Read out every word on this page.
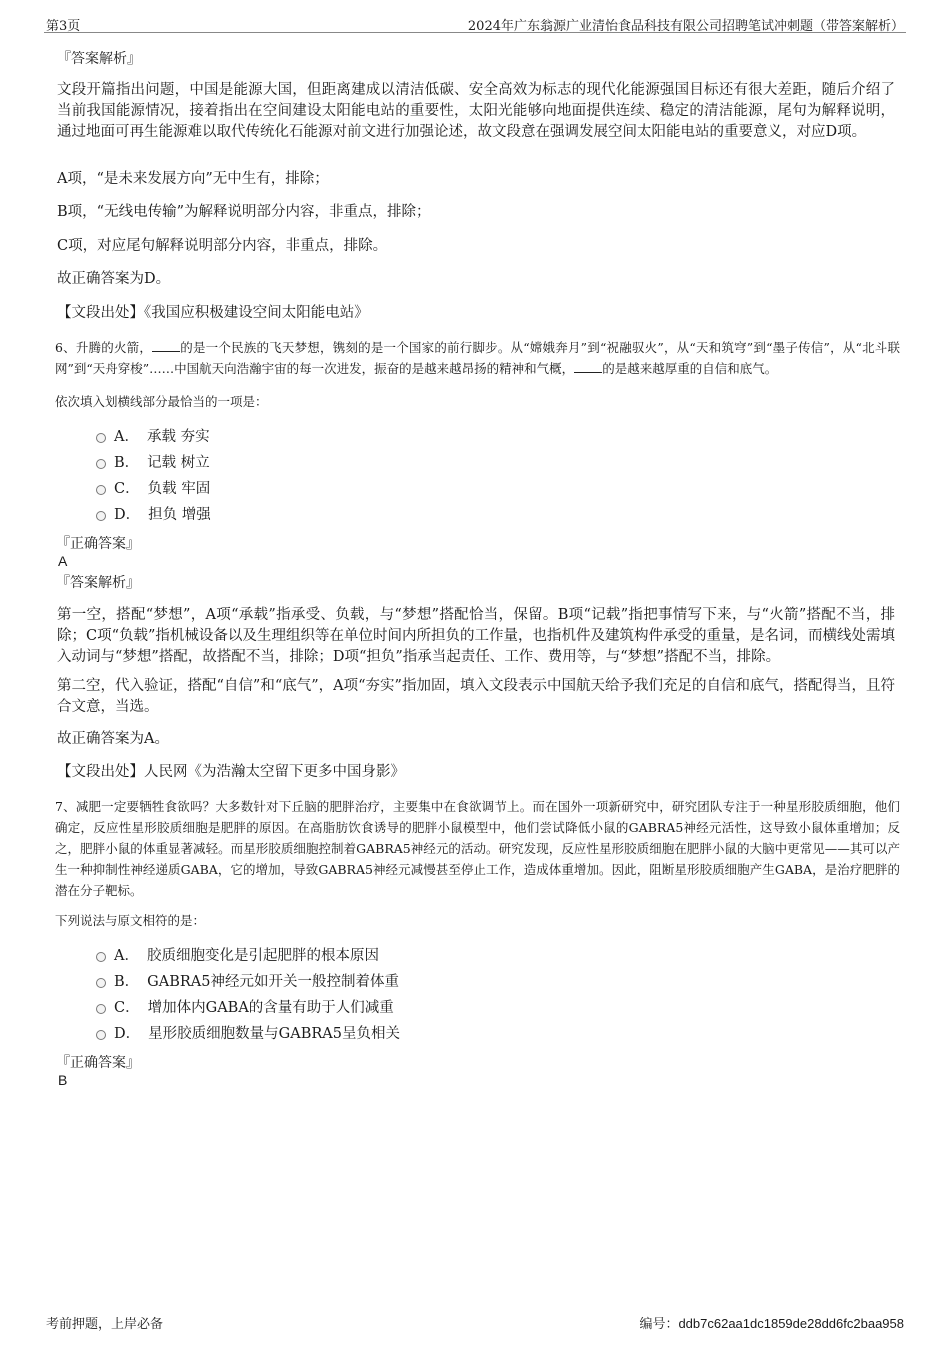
第3页	2024年广东翁源广业清怡食品科技有限公司招聘笔试冲刺题（带答案解析）
『答案解析』
文段开篇指出问题，中国是能源大国，但距离建成以清洁低碳、安全高效为标志的现代化能源强国目标还有很大差距，随后介绍了当前我国能源情况，接着指出在空间建设太阳能电站的重要性，太阳光能够向地面提供连续、稳定的清洁能源，尾句为解释说明，通过地面可再生能源难以取代传统化石能源对前文进行加强论述，故文段意在强调发展空间太阳能电站的重要意义，对应D项。
A项，“是未来发展方向”无中生有，排除；
B项，“无线电传输”为解释说明部分内容，非重点，排除；
C项，对应尾句解释说明部分内容，非重点，排除。
故正确答案为D。
【文段出处】《我国应积极建设空间太阳能电站》
6、升腾的火箭， 的是一个民族的飞天梦想，镌刻的是一个国家的前行脚步。从“嫦娥奔月”到“祝融驭火”，从“天和筑穹”到“墨子传信”，从“北斗联网”到“天舟穿梭”……中国航天向浩瀚宇宙的每一次进发，振奋的是越来越昂扬的精神和气概， 的是越来越厚重的自信和底气。
依次填入划横线部分最恰当的一项是：
A． 承载 夯实
B． 记载 树立
C． 负载 牢固
D． 担负 增强
『正确答案』
A
『答案解析』
第一空，搭配“梦想”，A项“承载”指承受、负载，与“梦想”搭配恰当，保留。B项“记载”指把事情写下来，与“火箭”搭配不当，排除；C项“负载”指机械设备以及生理组织等在单位时间内所担负的工作量，也指机件及建筑构件承受的重量，是名词，而横线处需填入动词与“梦想”搭配，故搭配不当，排除；D项“担负”指承当起责任、工作、费用等，与“梦想”搭配不当，排除。
第二空，代入验证，搭配“自信”和“底气”，A项“夯实”指加固，填入文段表示中国航天给予我们充足的自信和底气，搭配得当，且符合文意，当选。
故正确答案为A。
【文段出处】人民网《为浩瀚太空留下更多中国身影》
7、减肥一定要牺牲食欲吗？大多数针对下丘脑的肥胖治疗，主要集中在食欲调节上。而在国外一项新研究中，研究团队专注于一种星形胶质细胞，他们确定，反应性星形胶质细胞是肥胖的原因。在高脂肪饮食诱导的肥胖小鼠模型中，他们尝试降低小鼠的GABRA5神经元活性，这导致小鼠体重增加；反之，肥胖小鼠的体重显著减轻。而星形胶质细胞控制着GABRA5神经元的活动。研究发现，反应性星形胶质细胞在肥胖小鼠的大脑中更常见——其可以产生一种抑制性神经递质GABA，它的增加，导致GABRA5神经元减慢甚至停止工作，造成体重增加。因此，阻断星形胶质细胞产生GABA，是治疗肥胖的潜在分子靶标。
下列说法与原文相符的是：
A． 胶质细胞变化是引起肥胖的根本原因
B． GABRA5神经元如开关一般控制着体重
C． 增加体内GABA的含量有助于人们减重
D． 星形胶质细胞数量与GABRA5呈负相关
『正确答案』
B
考前押题，上岸必备	编号：ddb7c62aa1dc1859de28dd6fc2baa958
